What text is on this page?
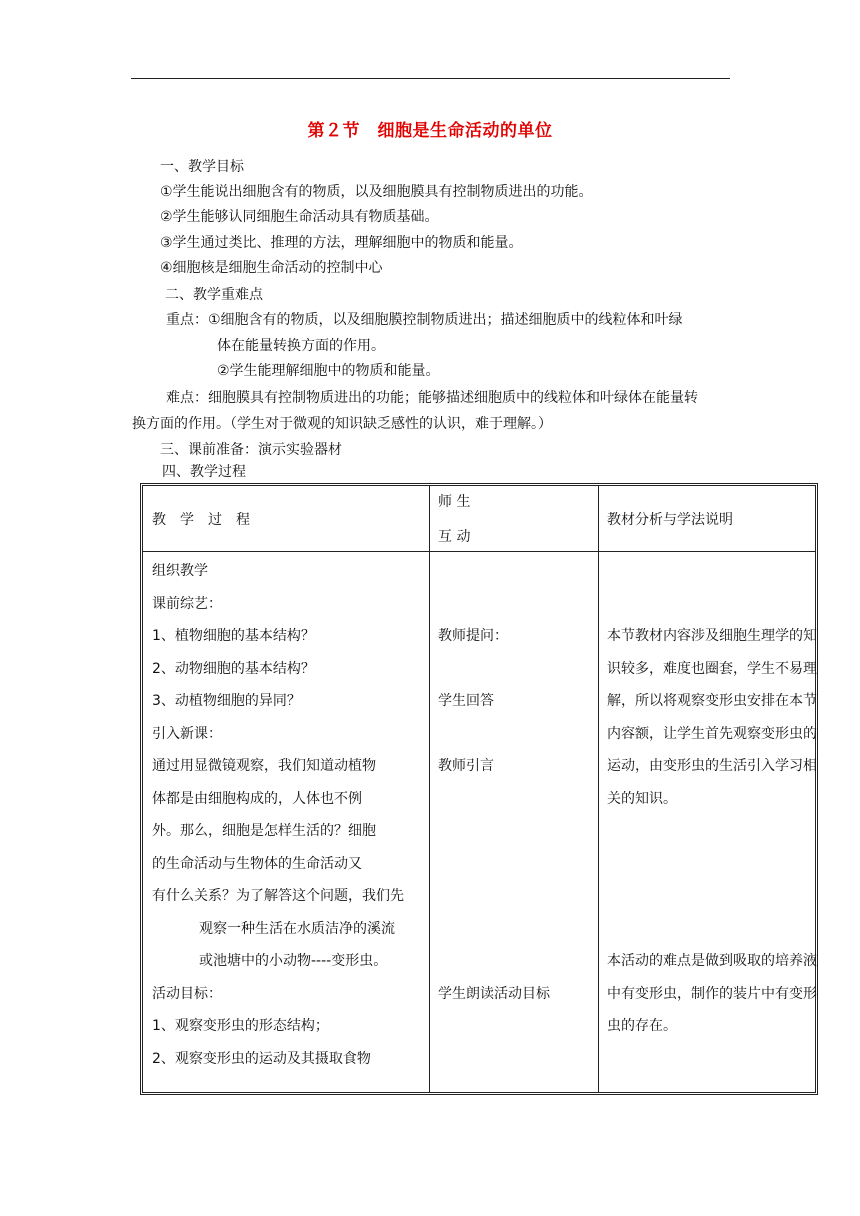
第２节　细胞是生命活动的单位
一、教学目标
①学生能说出细胞含有的物质，以及细胞膜具有控制物质进出的功能。
②学生能够认同细胞生命活动具有物质基础。
③学生通过类比、推理的方法，理解细胞中的物质和能量。
④细胞核是细胞生命活动的控制中心
二、教学重难点
重点：①细胞含有的物质，以及细胞膜控制物质进出；描述细胞质中的线粒体和叶绿
体在能量转换方面的作用。
②学生能理解细胞中的物质和能量。
难点：细胞膜具有控制物质进出的功能；能够描述细胞质中的线粒体和叶绿体在能量转
换方面的作用。（学生对于微观的知识缺乏感性的认识，难于理解。）
三、课前准备：演示实验器材
四、教学过程
教　学　过　程
师 生
互 动
教材分析与学法说明
组织教学
课前综艺：
1、植物细胞的基本结构？
2、动物细胞的基本结构？
3、动植物细胞的异同？
引入新课：
通过用显微镜观察，我们知道动植物
体都是由细胞构成的，人体也不例
外。那么，细胞是怎样生活的？细胞
的生命活动与生物体的生命活动又
有什么关系？为了解答这个问题，我们先
观察一种生活在水质洁净的溪流
或池塘中的小动物----变形虫。
活动目标：
1、观察变形虫的形态结构；
2、观察变形虫的运动及其摄取食物
教师提问：
学生回答
教师引言
学生朗读活动目标
本节教材内容涉及细胞生理学的知识较多，难度也圈套，学生不易理解，所以将观察变形虫安排在本节内容额，让学生首先观察变形虫的运动，由变形虫的生活引入学习相关的知识。
本活动的难点是做到吸取的培养液中有变形虫，制作的装片中有变形虫的存在。
